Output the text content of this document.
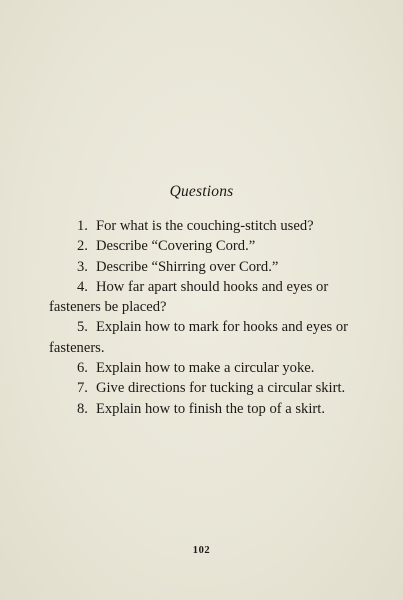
Questions
1. For what is the couching-stitch used?
2. Describe “Covering Cord.”
3. Describe “Shirring over Cord.”
4. How far apart should hooks and eyes or fasteners be placed?
5. Explain how to mark for hooks and eyes or fasteners.
6. Explain how to make a circular yoke.
7. Give directions for tucking a circular skirt.
8. Explain how to finish the top of a skirt.
102
